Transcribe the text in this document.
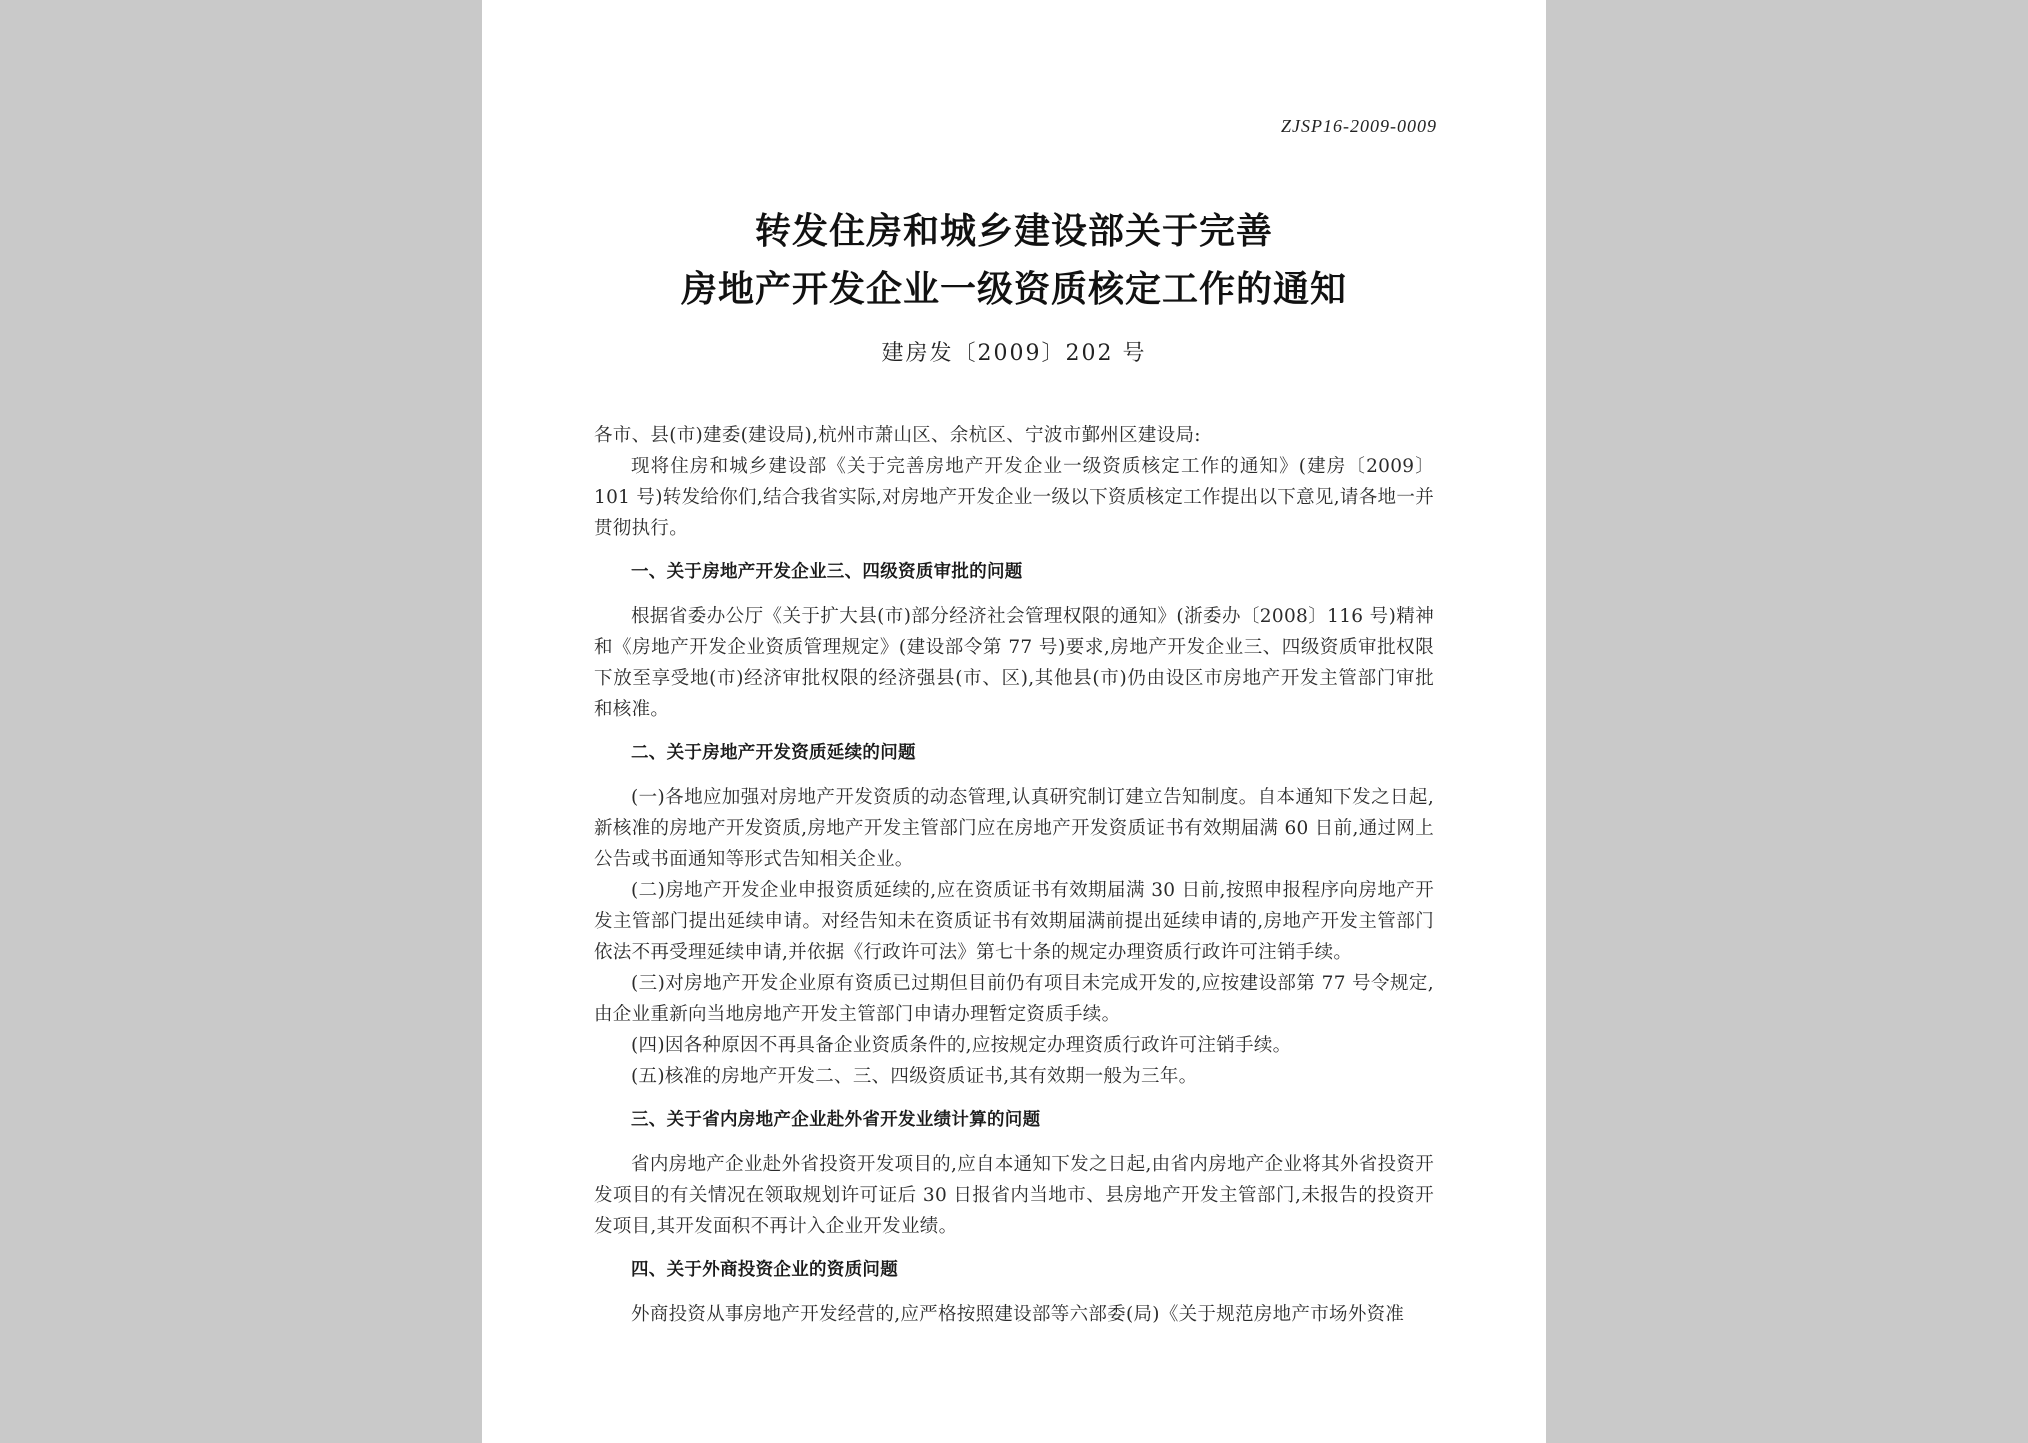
ZJSP16-2009-0009
转发住房和城乡建设部关于完善
房地产开发企业一级资质核定工作的通知
建房发〔2009〕202 号

各市、县(市)建委(建设局),杭州市萧山区、余杭区、宁波市鄞州区建设局:

现将住房和城乡建设部《关于完善房地产开发企业一级资质核定工作的通知》(建房〔2009〕101 号)转发给你们,结合我省实际,对房地产开发企业一级以下资质核定工作提出以下意见,请各地一并贯彻执行。

一、关于房地产开发企业三、四级资质审批的问题

根据省委办公厅《关于扩大县(市)部分经济社会管理权限的通知》(浙委办〔2008〕116 号)精神和《房地产开发企业资质管理规定》(建设部令第 77 号)要求,房地产开发企业三、四级资质审批权限下放至享受地(市)经济审批权限的经济强县(市、区),其他县(市)仍由设区市房地产开发主管部门审批和核准。

二、关于房地产开发资质延续的问题

(一)各地应加强对房地产开发资质的动态管理,认真研究制订建立告知制度。自本通知下发之日起,新核准的房地产开发资质,房地产开发主管部门应在房地产开发资质证书有效期届满 60 日前,通过网上公告或书面通知等形式告知相关企业。

(二)房地产开发企业申报资质延续的,应在资质证书有效期届满 30 日前,按照申报程序向房地产开发主管部门提出延续申请。对经告知未在资质证书有效期届满前提出延续申请的,房地产开发主管部门依法不再受理延续申请,并依据《行政许可法》第七十条的规定办理资质行政许可注销手续。

(三)对房地产开发企业原有资质已过期但目前仍有项目未完成开发的,应按建设部第 77 号令规定,由企业重新向当地房地产开发主管部门申请办理暂定资质手续。

(四)因各种原因不再具备企业资质条件的,应按规定办理资质行政许可注销手续。

(五)核准的房地产开发二、三、四级资质证书,其有效期一般为三年。

三、关于省内房地产企业赴外省开发业绩计算的问题

省内房地产企业赴外省投资开发项目的,应自本通知下发之日起,由省内房地产企业将其外省投资开发项目的有关情况在领取规划许可证后 30 日报省内当地市、县房地产开发主管部门,未报告的投资开发项目,其开发面积不再计入企业开发业绩。

四、关于外商投资企业的资质问题

外商投资从事房地产开发经营的,应严格按照建设部等六部委(局)《关于规范房地产市场外资准
